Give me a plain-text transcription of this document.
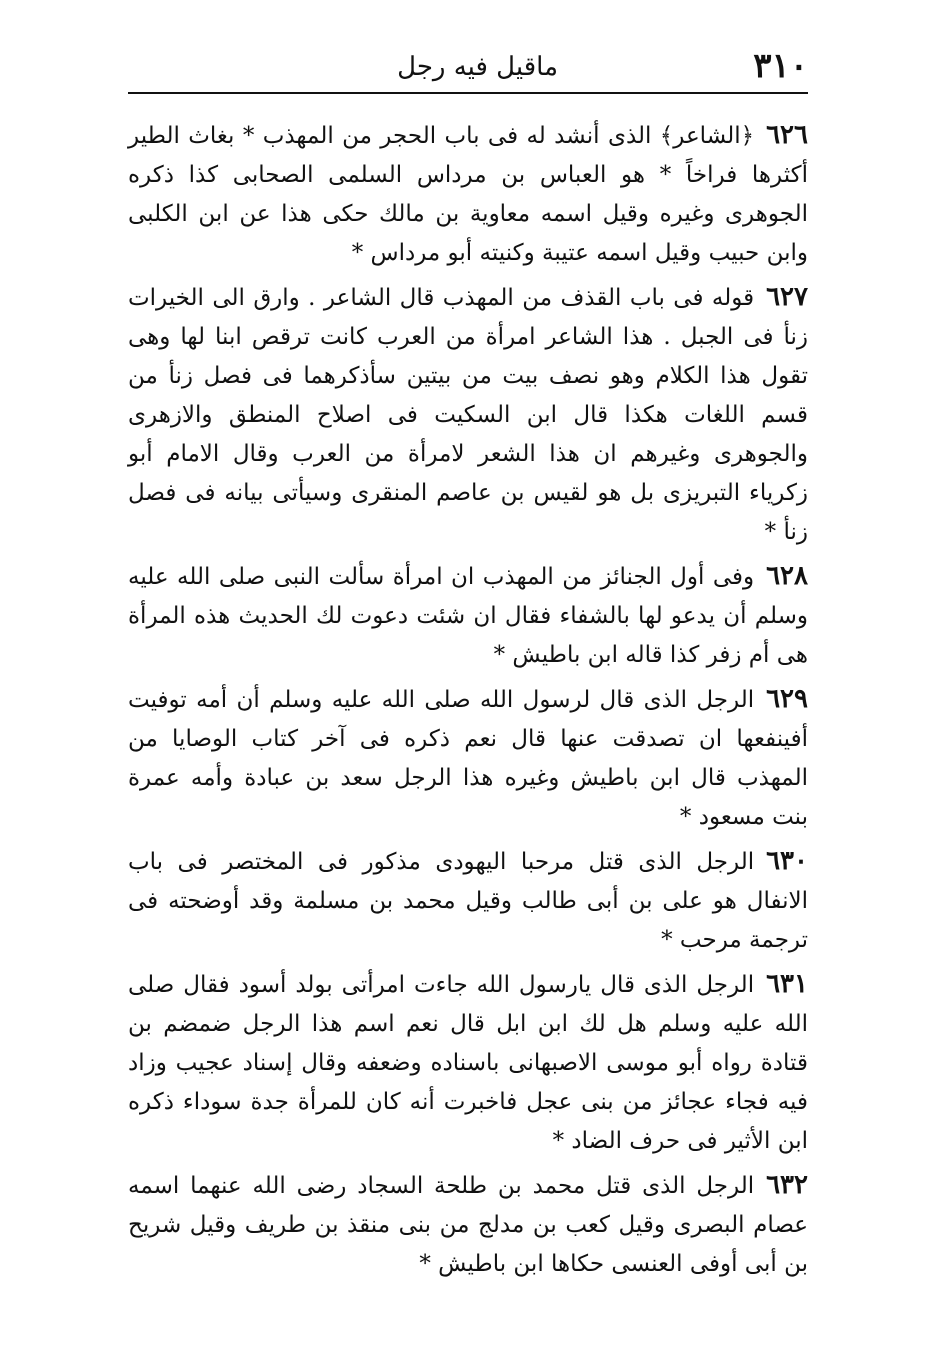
٣١٠
ماقيل فيه رجل

٦٢٦﴿الشاعر﴾ الذى أنشد له فى باب الحجر من المهذب * بغاث الطير أكثرها فراخاً * هو العباس بن مرداس السلمى الصحابى كذا ذكره الجوهرى وغيره وقيل اسمه معاوية بن مالك حكى هذا عن ابن الكلبى وابن حبيب وقيل اسمه عتيبة وكنيته أبو مرداس *

٦٢٧قوله فى باب القذف من المهذب قال الشاعر . وارق الى الخيرات زنأ فى الجبل . هذا الشاعر امرأة من العرب كانت ترقص ابنا لها وهى تقول هذا الكلام وهو نصف بيت من بيتين سأذكرهما فى فصل زنأ من قسم اللغات هكذا قال ابن السكيت فى اصلاح المنطق والازهرى والجوهرى وغيرهم ان هذا الشعر لامرأة من العرب وقال الامام أبو زكرياء التبريزى بل هو لقيس بن عاصم المنقرى وسيأتى بيانه فى فصل زنأ *

٦٢٨وفى أول الجنائز من المهذب ان امرأة سألت النبى صلى الله عليه وسلم أن يدعو لها بالشفاء فقال ان شئت دعوت لك الحديث هذه المرأة هى أم زفر كذا قاله ابن باطيش *

٦٢٩الرجل الذى قال لرسول الله صلى الله عليه وسلم أن أمه توفيت أفينفعها ان تصدقت عنها قال نعم ذكره فى آخر كتاب الوصايا من المهذب قال ابن باطيش وغيره هذا الرجل سعد بن عبادة وأمه عمرة بنت مسعود *

٦٣٠الرجل الذى قتل مرحبا اليهودى مذكور فى المختصر فى باب الانفال هو على بن أبى طالب وقيل محمد بن مسلمة وقد أوضحته فى ترجمة مرحب *

٦٣١الرجل الذى قال يارسول الله جاءت امرأتى بولد أسود فقال صلى الله عليه وسلم هل لك ابن ابل قال نعم اسم هذا الرجل ضمضم بن قتادة رواه أبو موسى الاصبهانى باسناده وضعفه وقال إسناد عجيب وزاد فيه فجاء عجائز من بنى عجل فاخبرت أنه كان للمرأة جدة سوداء ذكره ابن الأثير فى حرف الضاد *

٦٣٢الرجل الذى قتل محمد بن طلحة السجاد رضى الله عنهما اسمه عصام البصرى وقيل كعب بن مدلج من بنى منقذ بن طريف وقيل شريح بن أبى أوفى العنسى حكاها ابن باطيش *
